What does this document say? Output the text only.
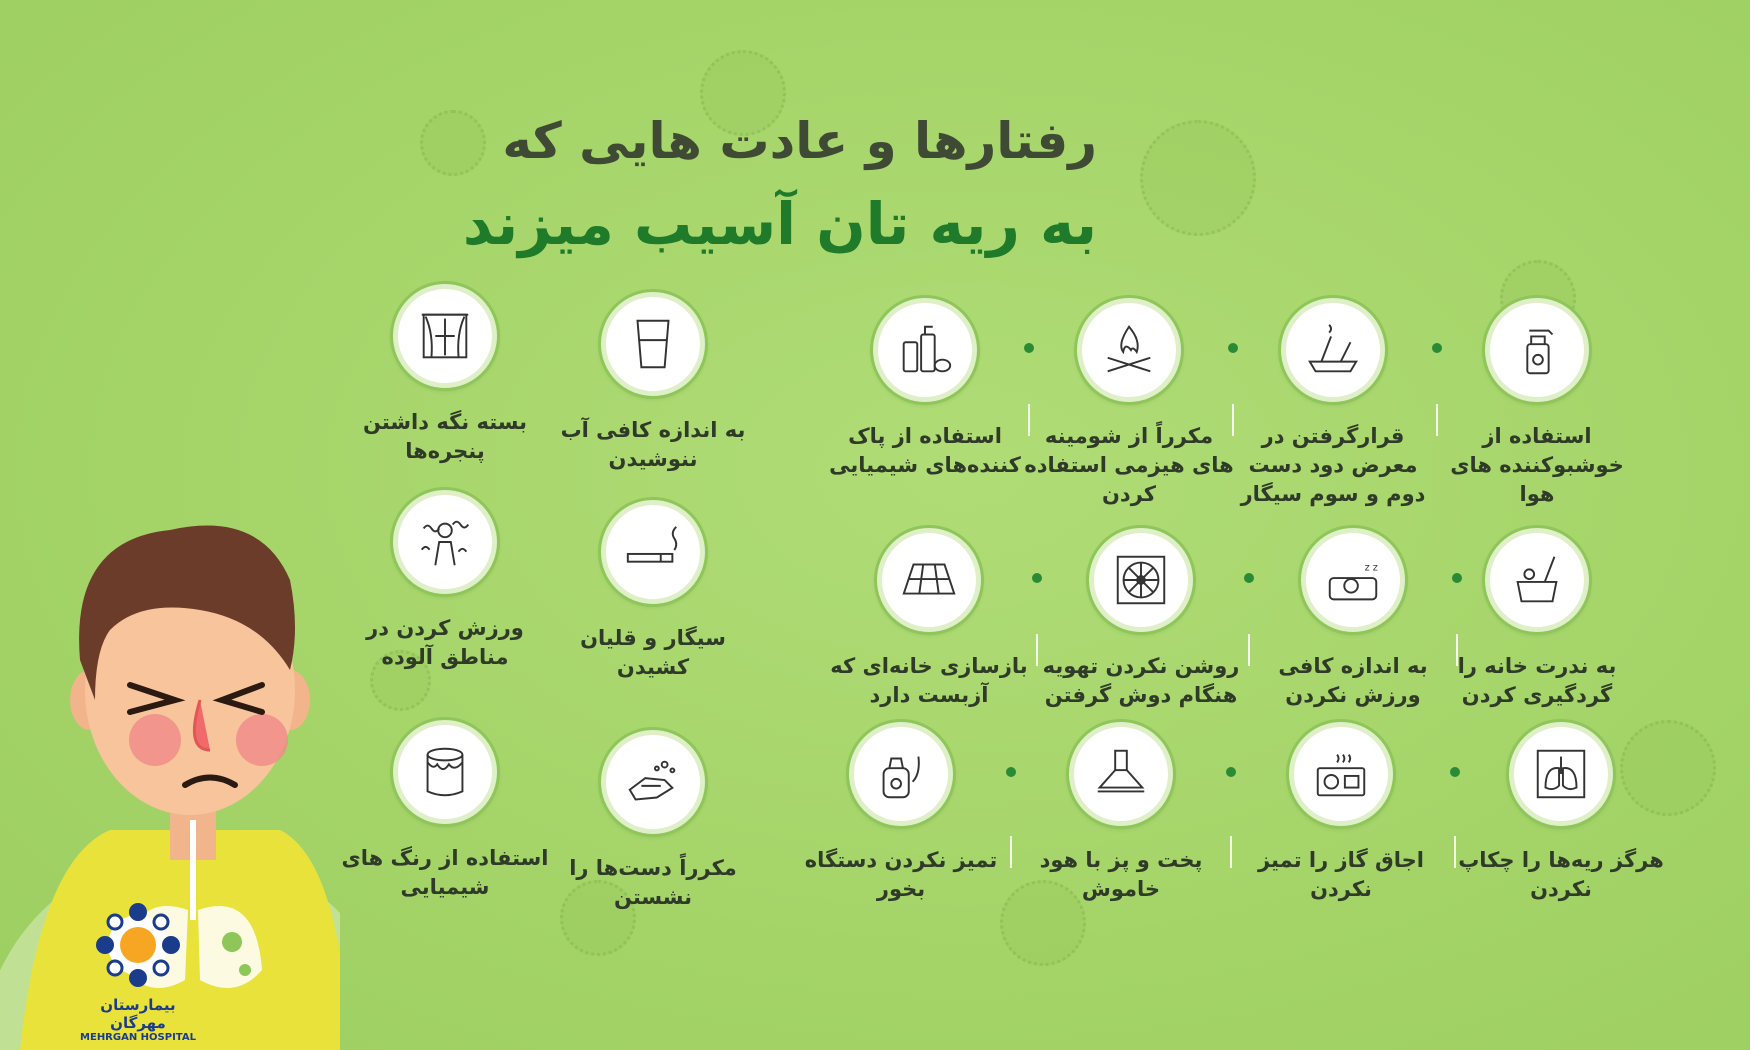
رفتارها و عادت هایی که
به ریه تان آسیب میزند
بسته نگه داشتن پنجره‌ها
به اندازه کافی آب ننوشیدن
ورزش کردن در مناطق آلوده
سیگار و قلیان کشیدن
استفاده از رنگ های شیمیایی
مکرراً دست‌ها را نشستن
استفاده از خوشبوکننده های هوا
قرارگرفتن در معرض دود دست دوم و سوم سیگار
مکرراً از شومینه های هیزمی استفاده کردن
استفاده از پاک کننده‌های شیمیایی
به ندرت خانه را گردگیری کردن
z z
به اندازه کافی ورزش نکردن
روشن نکردن تهویه هنگام دوش گرفتن
بازسازی خانه‌ای که آزبست دارد
هرگز ریه‌ها را چکاپ نکردن
اجاق گاز را تمیز نکردن
پخت و پز با هود خاموش
تمیز نکردن دستگاه بخور
بیمارستان مهرگان
MEHRGAN HOSPITAL
